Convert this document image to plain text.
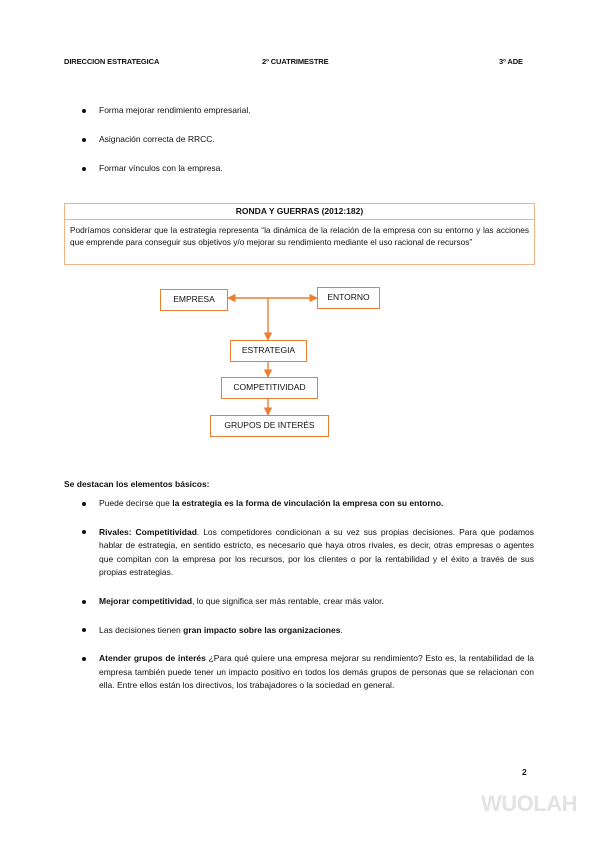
DIRECCION ESTRATEGICA	2º CUATRIMESTRE	3º ADE
Forma mejorar rendimiento empresarial.
Asignación correcta de RRCC.
Formar vínculos con la empresa.
RONDA Y GUERRAS (2012:182)
Podríamos considerar que la estrategia representa “la dinámica de la relación de la empresa con su entorno y las acciones que emprende para conseguir sus objetivos y/o mejorar su rendimiento mediante el uso racional de recursos”
EMPRESA	ENTORNO
ESTRATEGIA
COMPETITIVIDAD
GRUPOS DE INTERÉS
Se destacan los elementos básicos:
Puede decirse que la estrategia es la forma de vinculación la empresa con su entorno.
Rivales: Competitividad. Los competidores condicionan a su vez sus propias decisiones. Para que podamos hablar de estrategia, en sentido estricto, es necesario que haya otros rivales, es decir, otras empresas o agentes que compitan con la empresa por los recursos, por los clientes o por la rentabilidad y el éxito a través de sus propias estrategias.
Mejorar competitividad, lo que significa ser más rentable, crear más valor.
Las decisiones tienen gran impacto sobre las organizaciones.
Atender grupos de interés ¿Para qué quiere una empresa mejorar su rendimiento? Esto es, la rentabilidad de la empresa también puede tener un impacto positivo en todos los demás grupos de personas que se relacionan con ella. Entre ellos están los directivos, los trabajadores o la sociedad en general.
2
WUOLAH
